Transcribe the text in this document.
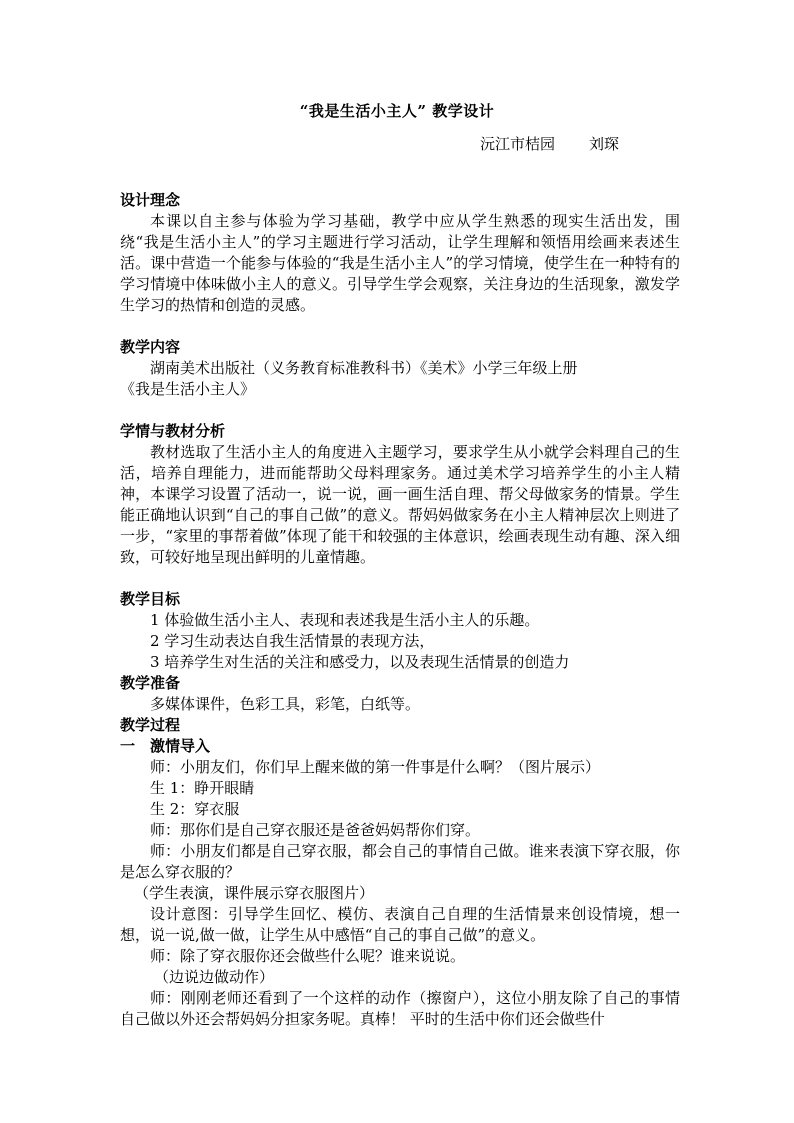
“我是生活小主人” 教学设计
沅江市桔园 刘琛

设计理念

本课以自主参与体验为学习基础，教学中应从学生熟悉的现实生活出发，围绕“我是生活小主人”的学习主题进行学习活动，让学生理解和领悟用绘画来表述生活。课中营造一个能参与体验的“我是生活小主人”的学习情境，使学生在一种特有的学习情境中体味做小主人的意义。引导学生学会观察，关注身边的生活现象，激发学生学习的热情和创造的灵感。

教学内容

湖南美术出版社（义务教育标准教科书）《美术》小学三年级上册

《我是生活小主人》

学情与教材分析

教材选取了生活小主人的角度进入主题学习，要求学生从小就学会料理自己的生活，培养自理能力，进而能帮助父母料理家务。通过美术学习培养学生的小主人精神，本课学习设置了活动一，说一说，画一画生活自理、帮父母做家务的情景。学生能正确地认识到“自己的事自己做”的意义。帮妈妈做家务在小主人精神层次上则进了一步，“家里的事帮着做”体现了能干和较强的主体意识，绘画表现生动有趣、深入细致，可较好地呈现出鲜明的儿童情趣。

教学目标

1 体验做生活小主人、表现和表述我是生活小主人的乐趣。

2 学习生动表达自我生活情景的表现方法，

3 培养学生对生活的关注和感受力，以及表现生活情景的创造力

教学准备

多媒体课件，色彩工具，彩笔，白纸等。

教学过程

一 激情导入

师：小朋友们，你们早上醒来做的第一件事是什么啊？（图片展示）

生 1：睁开眼睛

生 2：穿衣服

师：那你们是自己穿衣服还是爸爸妈妈帮你们穿。

师：小朋友们都是自己穿衣服，都会自己的事情自己做。谁来表演下穿衣服，你是怎么穿衣服的？

（学生表演，课件展示穿衣服图片）

设计意图：引导学生回忆、模仿、表演自己自理的生活情景来创设情境，想一想，说一说,做一做，让学生从中感悟“自己的事自己做”的意义。

师：除了穿衣服你还会做些什么呢？谁来说说。

（边说边做动作）

师：刚刚老师还看到了一个这样的动作（擦窗户），这位小朋友除了自己的事情自己做以外还会帮妈妈分担家务呢。真棒！ 平时的生活中你们还会做些什
